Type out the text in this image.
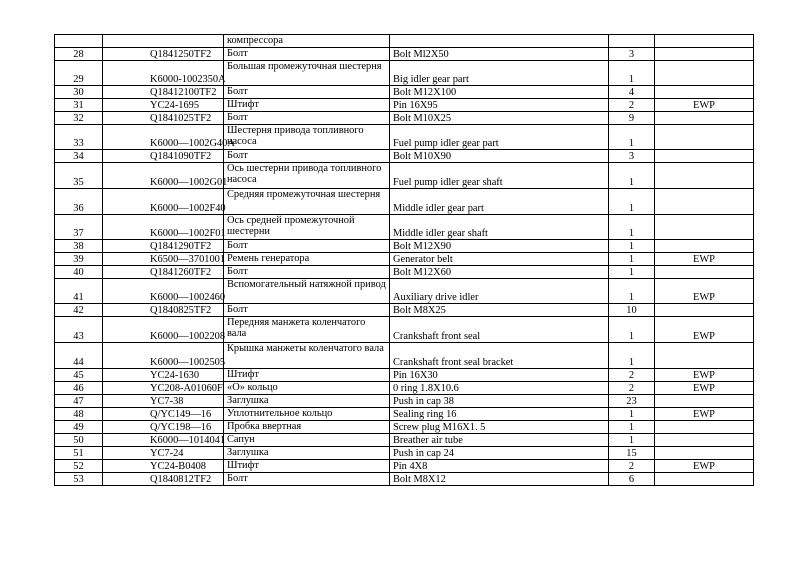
		компрессора			
28	Q1841250TF2	Болт	Bolt Ml2X50	3	
29	K6000-1002350A	Большая промежуточная шестерня	Big idler gear part	1	
30	Q18412100TF2	Болт	Bolt M12X100	4	
31	YC24-1695	Штифт	Pin 16X95	2	EWP
32	Q1841025TF2	Болт	Bolt M10X25	9	
33	K6000—1002G40A	Шестерня привода топливного насоса	Fuel pump idler gear part	1	
34	Q1841090TF2	Болт	Bolt M10X90	3	
35	K6000—1002G01	Ось шестерни привода топливного насоса	Fuel pump idler gear shaft	1	
36	K6000—1002F40	Средняя промежуточная шестерня	Middle idler gear part	1	
37	K6000—1002F01	Ось средней промежуточной шестерни	Middle idler gear shaft	1	
38	Q1841290TF2	Болт	Bolt M12X90	1	
39	K6500—3701001	Ремень генератора	Generator belt	1	EWP
40	Q1841260TF2	Болт	Bolt M12X60	1	
41	K6000—1002460	Вспомогательный натяжной привод	Auxiliary drive idler	1	EWP
42	Q1840825TF2	Болт	Bolt M8X25	10	
43	K6000—1002208	Передняя манжета коленчатого вала	Crankshaft front seal	1	EWP
44	K6000—1002505	Крышка манжеты коленчатого вала	Crankshaft front seal bracket	1	
45	YC24-1630	Штифт	Pin 16X30	2	EWP
46	YC208-A01060F	«О» кольцо	0 ring 1.8X10.6	2	EWP
47	YC7-38	Заглушка	Push in cap 38	23	
48	Q/YC149—16	Уплотнительное кольцо	Sealing ring 16	1	EWP
49	Q/YC198—16	Пробка ввертная	Screw plug M16X1. 5	1	
50	K6000—1014041	Сапун	Breather air tube	1	
51	YC7-24	Заглушка	Push in cap 24	15	
52	YC24-B0408	Штифт	Pin 4X8	2	EWP
53	Q1840812TF2	Болт	Bolt M8X12	6	
